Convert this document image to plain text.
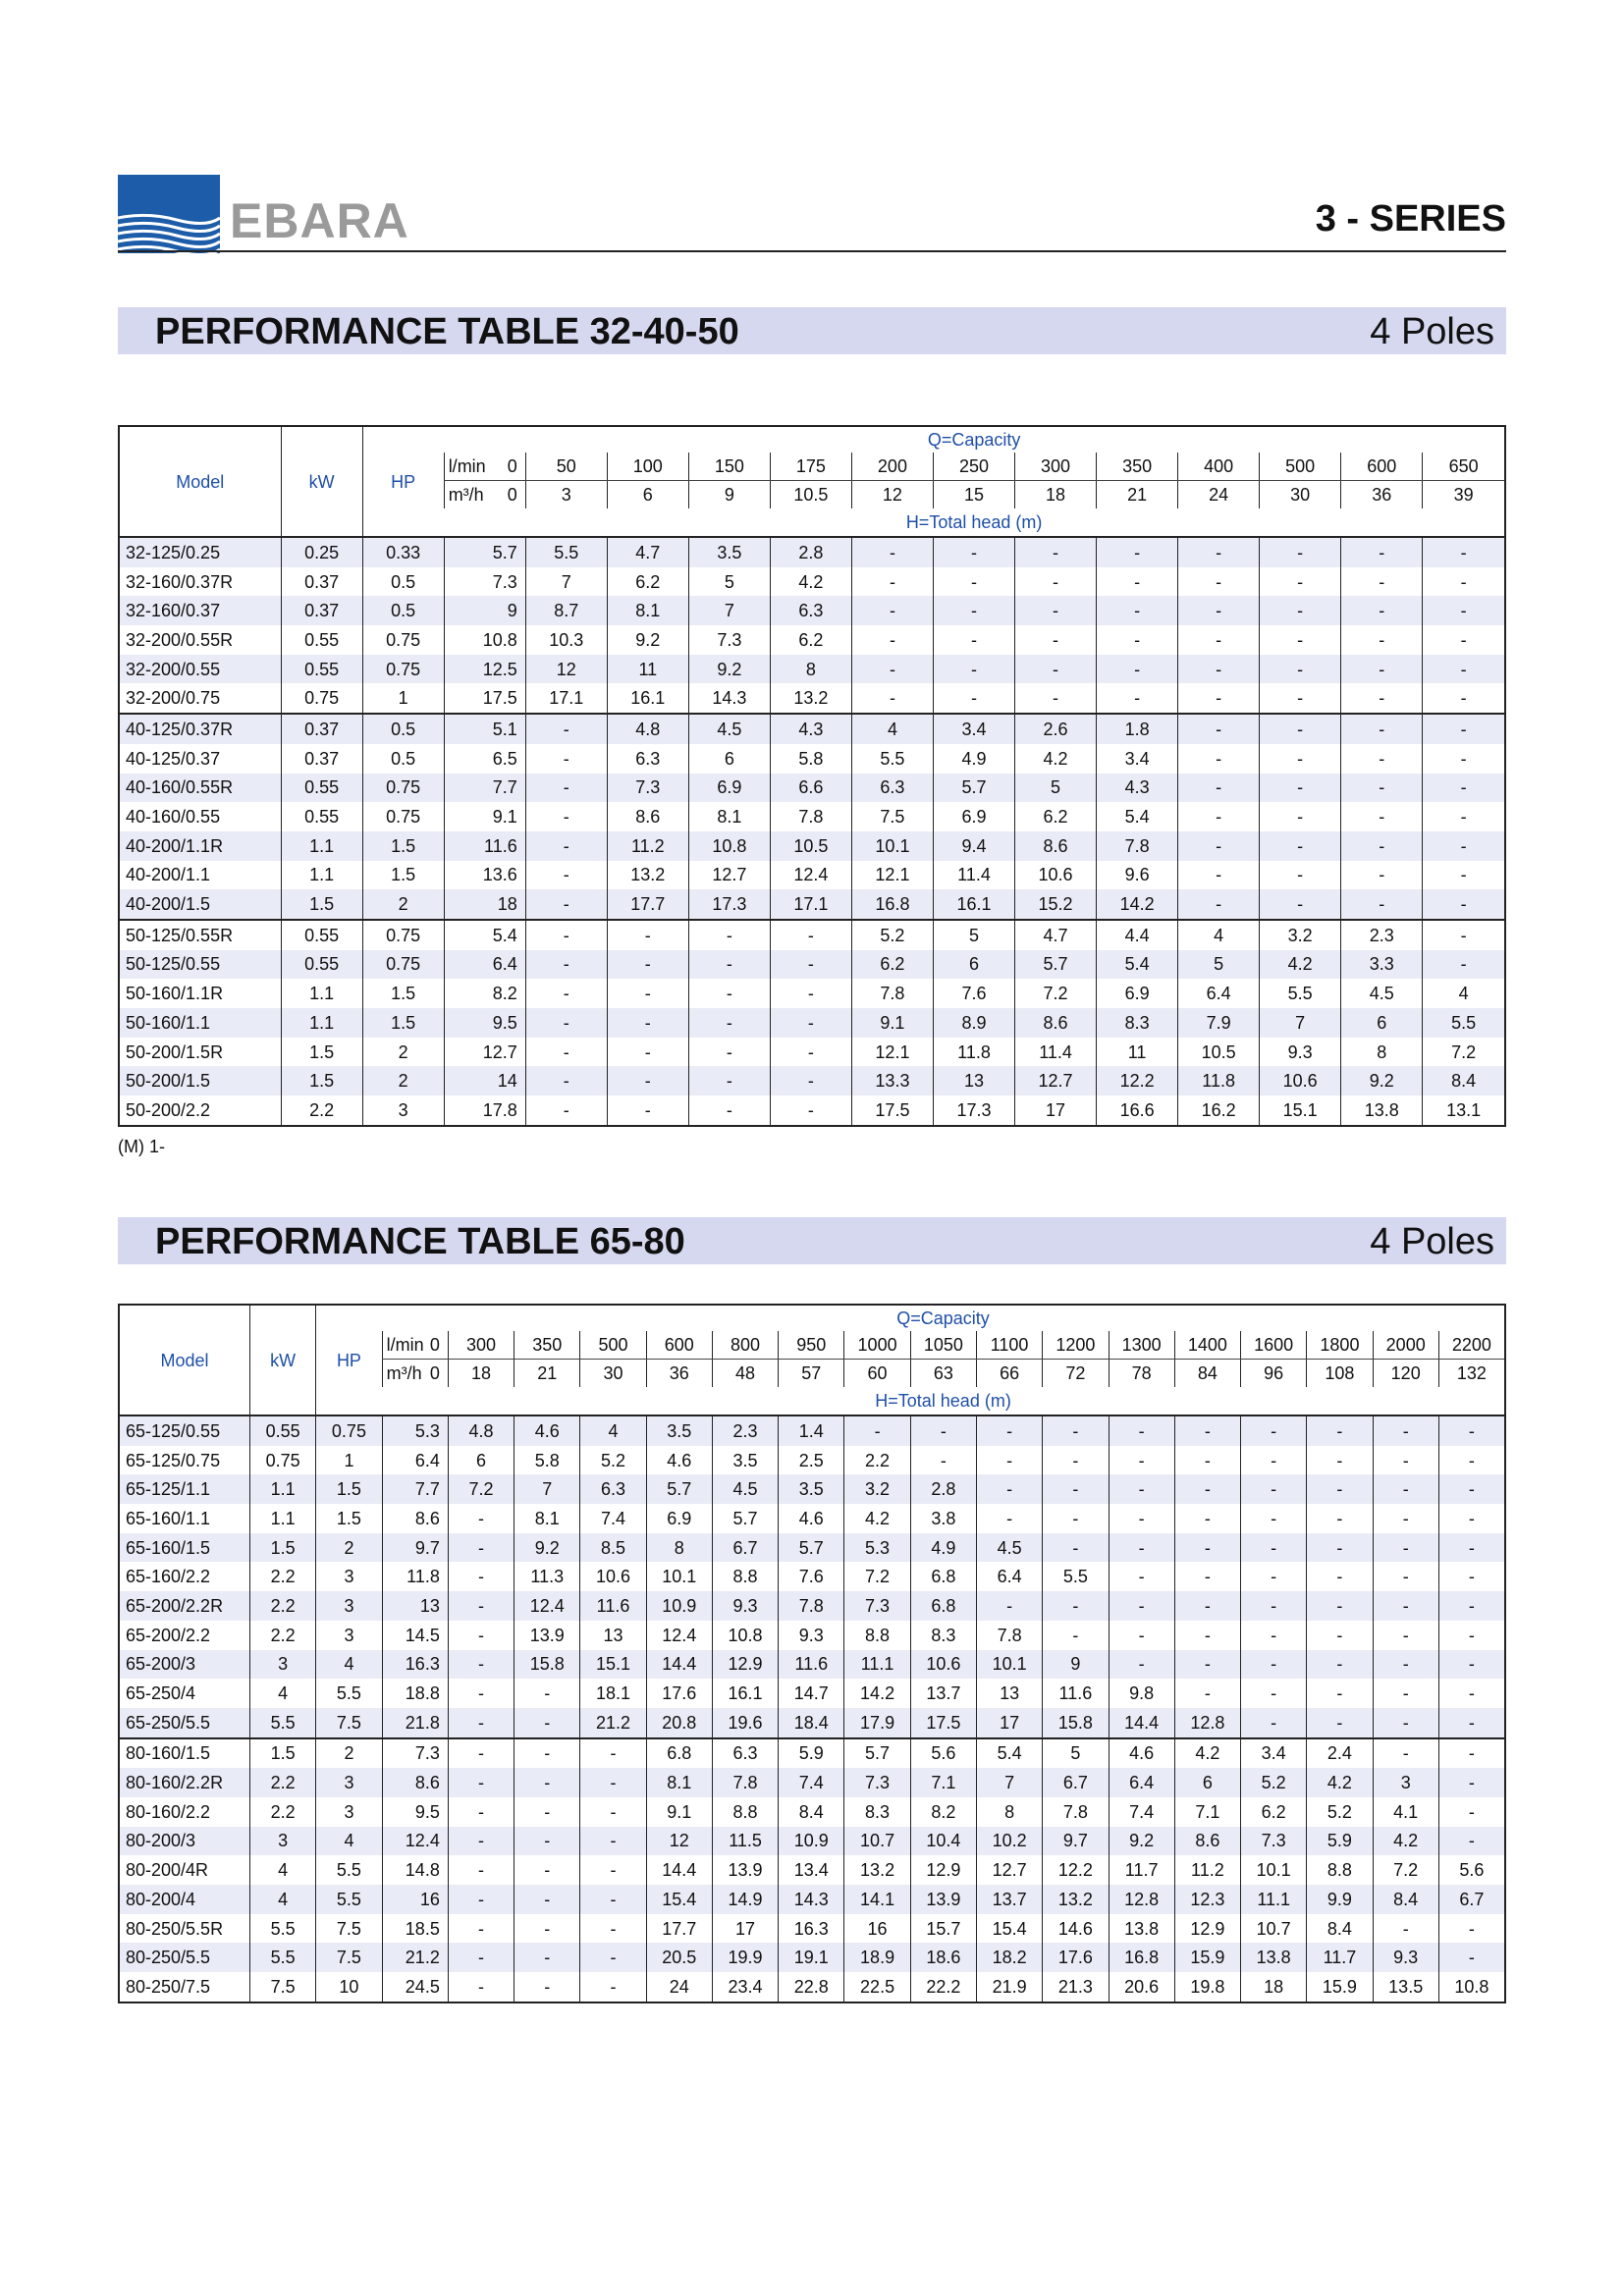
EBARA	3 - SERIES
PERFORMANCE TABLE 32-40-50	4 Poles
Model	kW	HP	Q=Capacity												

			l/min 0	50	100	150	175	200	250	300	350	400	500	600	650

			m³/h 0	3	6	9	10.5	12	15	18	21	24	30	36	39
			H=Total head (m)												
32-125/0.25	0.25	0.33	5.7	5.5	4.7	3.5	2.8	-	-	-	-	-	-	-	-
32-160/0.37R	0.37	0.5	7.3	7	6.2	5	4.2	-	-	-	-	-	-	-	-
32-160/0.37	0.37	0.5	9	8.7	8.1	7	6.3	-	-	-	-	-	-	-	-
32-200/0.55R	0.55	0.75	10.8	10.3	9.2	7.3	6.2	-	-	-	-	-	-	-	-
32-200/0.55	0.55	0.75	12.5	12	11	9.2	8	-	-	-	-	-	-	-	-
32-200/0.75	0.75	1	17.5	17.1	16.1	14.3	13.2	-	-	-	-	-	-	-	-
40-125/0.37R	0.37	0.5	5.1	-	4.8	4.5	4.3	4	3.4	2.6	1.8	-	-	-	-
40-125/0.37	0.37	0.5	6.5	-	6.3	6	5.8	5.5	4.9	4.2	3.4	-	-	-	-
40-160/0.55R	0.55	0.75	7.7	-	7.3	6.9	6.6	6.3	5.7	5	4.3	-	-	-	-
40-160/0.55	0.55	0.75	9.1	-	8.6	8.1	7.8	7.5	6.9	6.2	5.4	-	-	-	-
40-200/1.1R	1.1	1.5	11.6	-	11.2	10.8	10.5	10.1	9.4	8.6	7.8	-	-	-	-
40-200/1.1	1.1	1.5	13.6	-	13.2	12.7	12.4	12.1	11.4	10.6	9.6	-	-	-	-
40-200/1.5	1.5	2	18	-	17.7	17.3	17.1	16.8	16.1	15.2	14.2	-	-	-	-
50-125/0.55R	0.55	0.75	5.4	-	-	-	-	5.2	5	4.7	4.4	4	3.2	2.3	-
50-125/0.55	0.55	0.75	6.4	-	-	-	-	6.2	6	5.7	5.4	5	4.2	3.3	-
50-160/1.1R	1.1	1.5	8.2	-	-	-	-	7.8	7.6	7.2	6.9	6.4	5.5	4.5	4
50-160/1.1	1.1	1.5	9.5	-	-	-	-	9.1	8.9	8.6	8.3	7.9	7	6	5.5
50-200/1.5R	1.5	2	12.7	-	-	-	-	12.1	11.8	11.4	11	10.5	9.3	8	7.2
50-200/1.5	1.5	2	14	-	-	-	-	13.3	13	12.7	12.2	11.8	10.6	9.2	8.4
50-200/2.2	2.2	3	17.8	-	-	-	-	17.5	17.3	17	16.6	16.2	15.1	13.8	13.1
(M) 1-
PERFORMANCE TABLE 65-80	4 Poles
Model	kW	HP	Q=Capacity																

			l/min 0	300	350	500	600	800	950	1000	1050	1100	1200	1300	1400	1600	1800	2000	2200

			m³/h 0	18	21	30	36	48	57	60	63	66	72	78	84	96	108	120	132
			H=Total head (m)																
65-125/0.55	0.55	0.75	5.3	4.8	4.6	4	3.5	2.3	1.4	-	-	-	-	-	-	-	-	-	-
65-125/0.75	0.75	1	6.4	6	5.8	5.2	4.6	3.5	2.5	2.2	-	-	-	-	-	-	-	-	-
65-125/1.1	1.1	1.5	7.7	7.2	7	6.3	5.7	4.5	3.5	3.2	2.8	-	-	-	-	-	-	-	-
65-160/1.1	1.1	1.5	8.6	-	8.1	7.4	6.9	5.7	4.6	4.2	3.8	-	-	-	-	-	-	-	-
65-160/1.5	1.5	2	9.7	-	9.2	8.5	8	6.7	5.7	5.3	4.9	4.5	-	-	-	-	-	-	-
65-160/2.2	2.2	3	11.8	-	11.3	10.6	10.1	8.8	7.6	7.2	6.8	6.4	5.5	-	-	-	-	-	-
65-200/2.2R	2.2	3	13	-	12.4	11.6	10.9	9.3	7.8	7.3	6.8	-	-	-	-	-	-	-	-
65-200/2.2	2.2	3	14.5	-	13.9	13	12.4	10.8	9.3	8.8	8.3	7.8	-	-	-	-	-	-	-
65-200/3	3	4	16.3	-	15.8	15.1	14.4	12.9	11.6	11.1	10.6	10.1	9	-	-	-	-	-	-
65-250/4	4	5.5	18.8	-	-	18.1	17.6	16.1	14.7	14.2	13.7	13	11.6	9.8	-	-	-	-	-
65-250/5.5	5.5	7.5	21.8	-	-	21.2	20.8	19.6	18.4	17.9	17.5	17	15.8	14.4	12.8	-	-	-	-
80-160/1.5	1.5	2	7.3	-	-	-	6.8	6.3	5.9	5.7	5.6	5.4	5	4.6	4.2	3.4	2.4	-	-
80-160/2.2R	2.2	3	8.6	-	-	-	8.1	7.8	7.4	7.3	7.1	7	6.7	6.4	6	5.2	4.2	3	-
80-160/2.2	2.2	3	9.5	-	-	-	9.1	8.8	8.4	8.3	8.2	8	7.8	7.4	7.1	6.2	5.2	4.1	-
80-200/3	3	4	12.4	-	-	-	12	11.5	10.9	10.7	10.4	10.2	9.7	9.2	8.6	7.3	5.9	4.2	-
80-200/4R	4	5.5	14.8	-	-	-	14.4	13.9	13.4	13.2	12.9	12.7	12.2	11.7	11.2	10.1	8.8	7.2	5.6
80-200/4	4	5.5	16	-	-	-	15.4	14.9	14.3	14.1	13.9	13.7	13.2	12.8	12.3	11.1	9.9	8.4	6.7
80-250/5.5R	5.5	7.5	18.5	-	-	-	17.7	17	16.3	16	15.7	15.4	14.6	13.8	12.9	10.7	8.4	-	-
80-250/5.5	5.5	7.5	21.2	-	-	-	20.5	19.9	19.1	18.9	18.6	18.2	17.6	16.8	15.9	13.8	11.7	9.3	-
80-250/7.5	7.5	10	24.5	-	-	-	24	23.4	22.8	22.5	22.2	21.9	21.3	20.6	19.8	18	15.9	13.5	10.8
